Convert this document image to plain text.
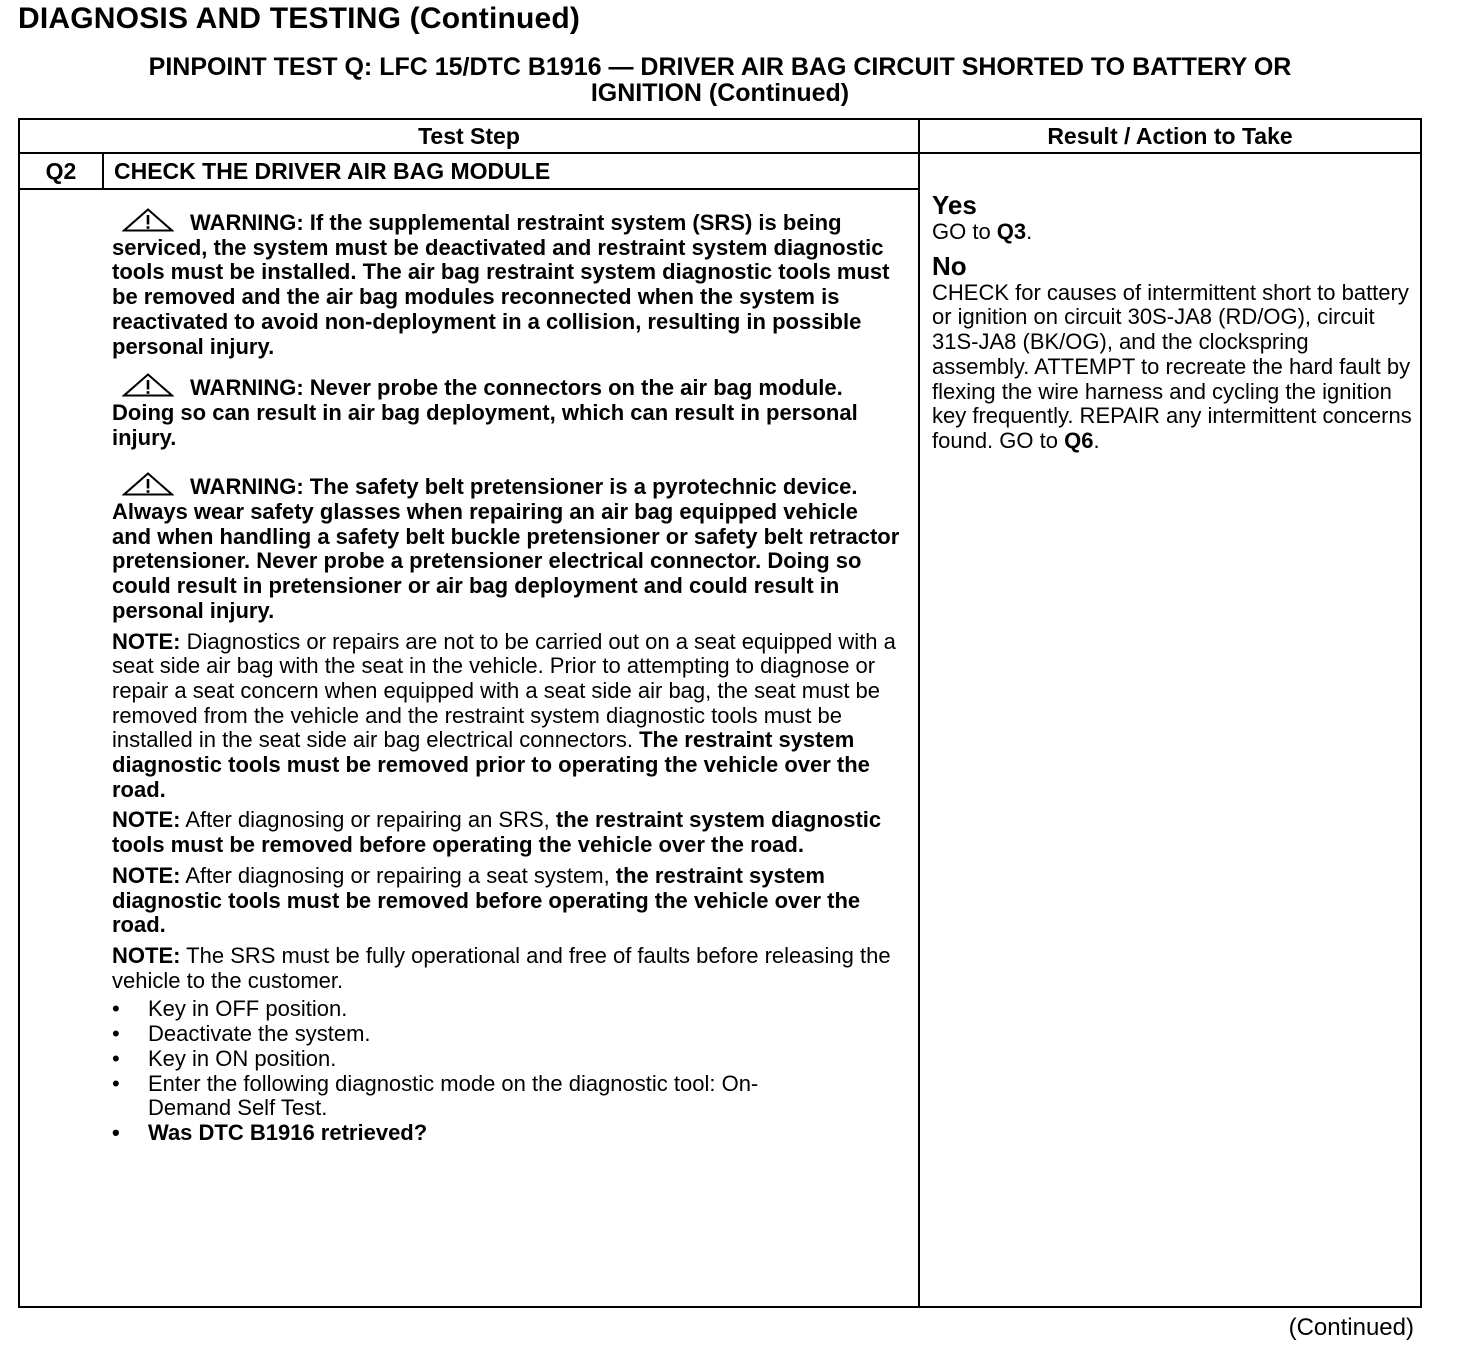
DIAGNOSIS AND TESTING (Continued)
PINPOINT TEST Q: LFC 15/DTC B1916 — DRIVER AIR BAG CIRCUIT SHORTED TO BATTERY OR
IGNITION (Continued)
Test Step	Result / Action to Take
Q2	CHECK THE DRIVER AIR BAG MODULE
WARNING: If the supplemental restraint system (SRS) is being serviced, the system must be deactivated and restraint system diagnostic tools must be installed. The air bag restraint system diagnostic tools must be removed and the air bag modules reconnected when the system is reactivated to avoid non-deployment in a collision, resulting in possible personal injury.
WARNING: Never probe the connectors on the air bag module. Doing so can result in air bag deployment, which can result in personal injury.
WARNING: The safety belt pretensioner is a pyrotechnic device. Always wear safety glasses when repairing an air bag equipped vehicle and when handling a safety belt buckle pretensioner or safety belt retractor pretensioner. Never probe a pretensioner electrical connector. Doing so could result in pretensioner or air bag deployment and could result in personal injury.
NOTE: Diagnostics or repairs are not to be carried out on a seat equipped with a seat side air bag with the seat in the vehicle. Prior to attempting to diagnose or repair a seat concern when equipped with a seat side air bag, the seat must be removed from the vehicle and the restraint system diagnostic tools must be installed in the seat side air bag electrical connectors. The restraint system diagnostic tools must be removed prior to operating the vehicle over the road.
NOTE: After diagnosing or repairing an SRS, the restraint system diagnostic tools must be removed before operating the vehicle over the road.
NOTE: After diagnosing or repairing a seat system, the restraint system diagnostic tools must be removed before operating the vehicle over the road.
NOTE: The SRS must be fully operational and free of faults before releasing the vehicle to the customer.
• Key in OFF position.
• Deactivate the system.
• Key in ON position.
• Enter the following diagnostic mode on the diagnostic tool: On-Demand Self Test.
• Was DTC B1916 retrieved?
Yes
GO to Q3.
No
CHECK for causes of intermittent short to battery or ignition on circuit 30S-JA8 (RD/OG), circuit 31S-JA8 (BK/OG), and the clockspring assembly. ATTEMPT to recreate the hard fault by flexing the wire harness and cycling the ignition key frequently. REPAIR any intermittent concerns found. GO to Q6.
(Continued)
